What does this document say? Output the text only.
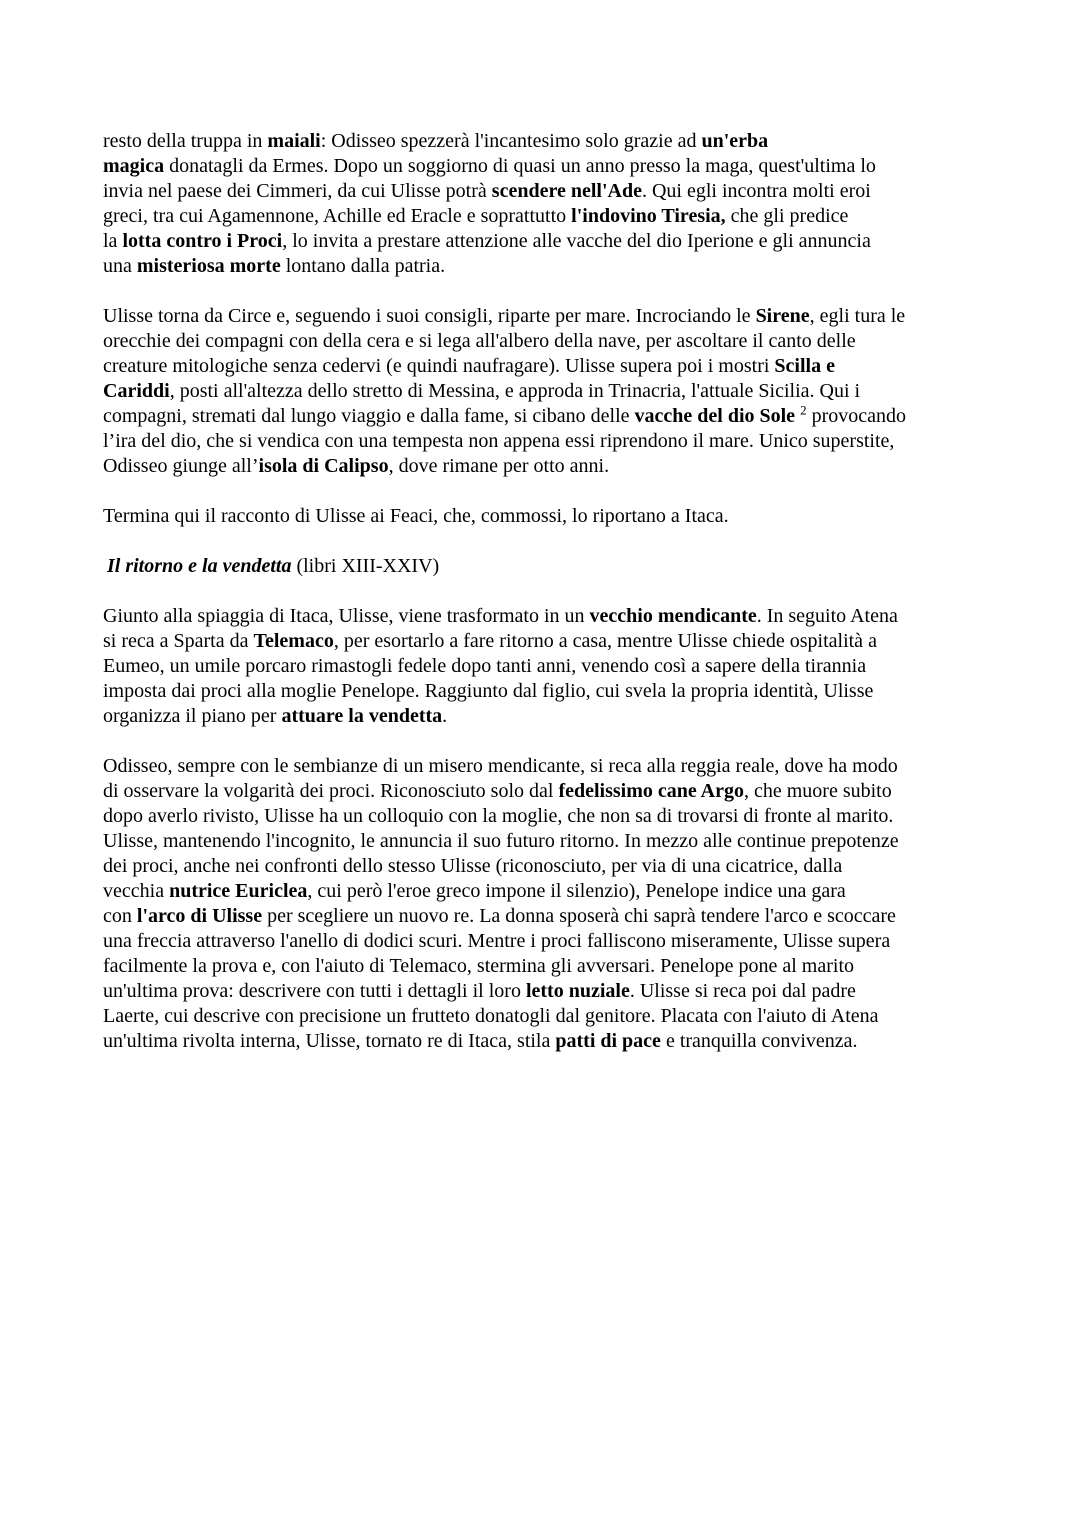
resto della truppa in maiali: Odisseo spezzerà l'incantesimo solo grazie ad un'erba
magica donatagli da Ermes. Dopo un soggiorno di quasi un anno presso la maga, quest'ultima lo
invia nel paese dei Cimmeri, da cui Ulisse potrà scendere nell'Ade. Qui egli incontra molti eroi
greci, tra cui Agamennone, Achille ed Eracle e soprattutto l'indovino Tiresia, che gli predice
la lotta contro i Proci, lo invita a prestare attenzione alle vacche del dio Iperione e gli annuncia
una misteriosa morte lontano dalla patria.
Ulisse torna da Circe e, seguendo i suoi consigli, riparte per mare. Incrociando le Sirene, egli tura le
orecchie dei compagni con della cera e si lega all'albero della nave, per ascoltare il canto delle
creature mitologiche senza cedervi (e quindi naufragare). Ulisse supera poi i mostri Scilla e
Cariddi, posti all'altezza dello stretto di Messina, e approda in Trinacria, l'attuale Sicilia. Qui i
compagni, stremati dal lungo viaggio e dalla fame, si cibano delle vacche del dio Sole $^2$ provocando
l’ira del dio, che si vendica con una tempesta non appena essi riprendono il mare. Unico superstite,
Odisseo giunge all’isola di Calipso, dove rimane per otto anni.
Termina qui il racconto di Ulisse ai Feaci, che, commossi, lo riportano a Itaca.
Il ritorno e la vendetta (libri XIII-XXIV)
Giunto alla spiaggia di Itaca, Ulisse, viene trasformato in un vecchio mendicante. In seguito Atena
si reca a Sparta da Telemaco, per esortarlo a fare ritorno a casa, mentre Ulisse chiede ospitalità a
Eumeo, un umile porcaro rimastogli fedele dopo tanti anni, venendo così a sapere della tirannia
imposta dai proci alla moglie Penelope. Raggiunto dal figlio, cui svela la propria identità, Ulisse
organizza il piano per attuare la vendetta.
Odisseo, sempre con le sembianze di un misero mendicante, si reca alla reggia reale, dove ha modo
di osservare la volgarità dei proci. Riconosciuto solo dal fedelissimo cane Argo, che muore subito
dopo averlo rivisto, Ulisse ha un colloquio con la moglie, che non sa di trovarsi di fronte al marito.
Ulisse, mantenendo l'incognito, le annuncia il suo futuro ritorno. In mezzo alle continue prepotenze
dei proci, anche nei confronti dello stesso Ulisse (riconosciuto, per via di una cicatrice, dalla
vecchia nutrice Euriclea, cui però l'eroe greco impone il silenzio), Penelope indice una gara
con l'arco di Ulisse per scegliere un nuovo re. La donna sposerà chi saprà tendere l'arco e scoccare
una freccia attraverso l'anello di dodici scuri. Mentre i proci falliscono miseramente, Ulisse supera
facilmente la prova e, con l'aiuto di Telemaco, stermina gli avversari. Penelope pone al marito
un'ultima prova: descrivere con tutti i dettagli il loro letto nuziale. Ulisse si reca poi dal padre
Laerte, cui descrive con precisione un frutteto donatogli dal genitore. Placata con l'aiuto di Atena
un'ultima rivolta interna, Ulisse, tornato re di Itaca, stila patti di pace e tranquilla convivenza.
